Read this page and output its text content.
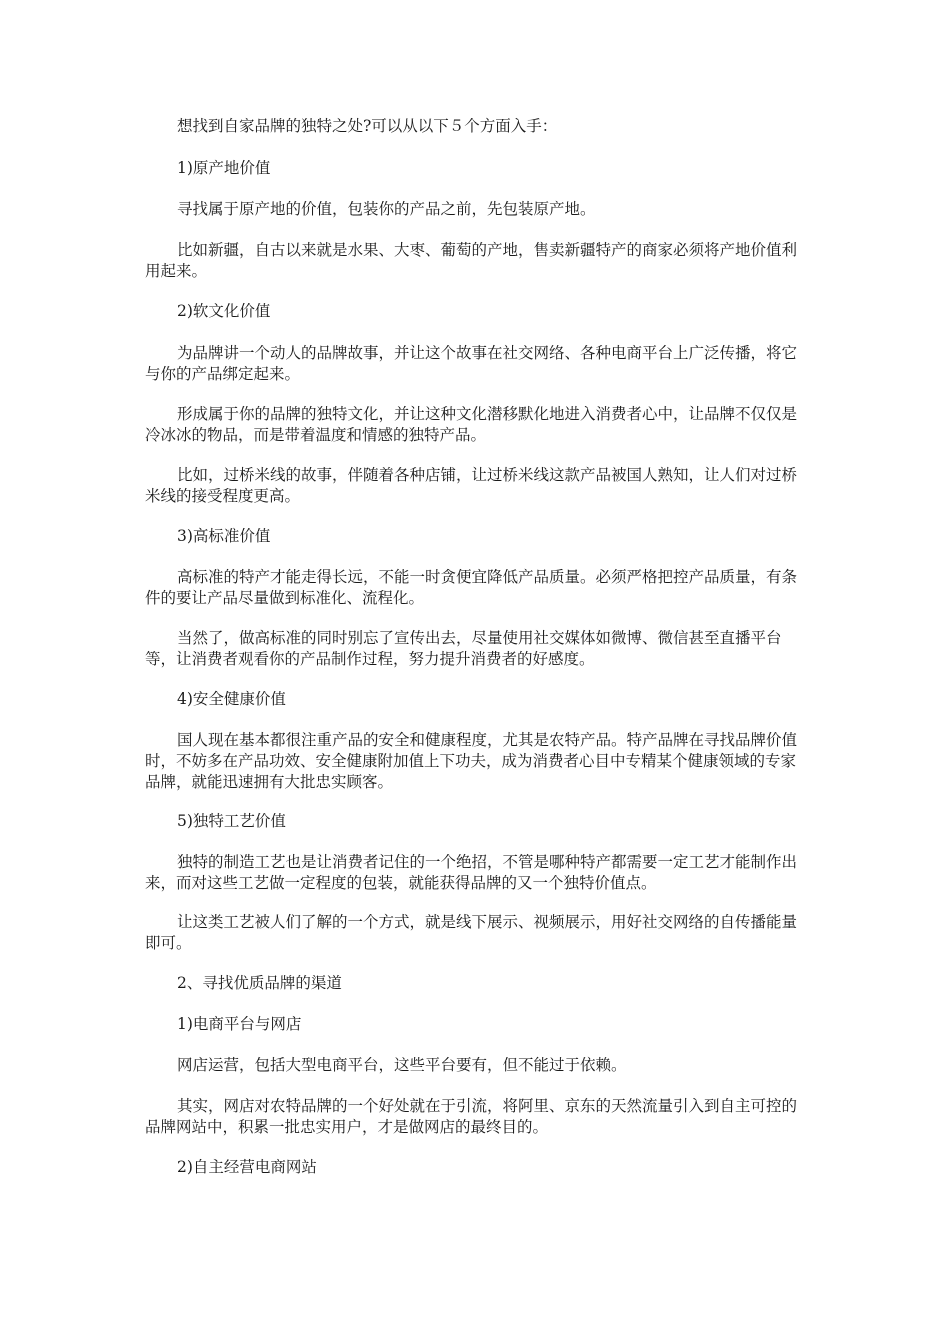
想找到自家品牌的独特之处?可以从以下５个方面入手：

1)原产地价值

寻找属于原产地的价值，包装你的产品之前，先包装原产地。

比如新疆，自古以来就是水果、大枣、葡萄的产地，售卖新疆特产的商家必须将产地价值利用起来。

2)软文化价值

为品牌讲一个动人的品牌故事，并让这个故事在社交网络、各种电商平台上广泛传播，将它与你的产品绑定起来。

形成属于你的品牌的独特文化，并让这种文化潜移默化地进入消费者心中，让品牌不仅仅是冷冰冰的物品，而是带着温度和情感的独特产品。

比如，过桥米线的故事，伴随着各种店铺，让过桥米线这款产品被国人熟知，让人们对过桥米线的接受程度更高。

3)高标准价值

高标准的特产才能走得长远，不能一时贪便宜降低产品质量。必须严格把控产品质量，有条件的要让产品尽量做到标准化、流程化。

当然了，做高标准的同时别忘了宣传出去，尽量使用社交媒体如微博、微信甚至直播平台等，让消费者观看你的产品制作过程，努力提升消费者的好感度。

4)安全健康价值

国人现在基本都很注重产品的安全和健康程度，尤其是农特产品。特产品牌在寻找品牌价值时，不妨多在产品功效、安全健康附加值上下功夫，成为消费者心目中专精某个健康领域的专家品牌，就能迅速拥有大批忠实顾客。

5)独特工艺价值

独特的制造工艺也是让消费者记住的一个绝招，不管是哪种特产都需要一定工艺才能制作出来，而对这些工艺做一定程度的包装，就能获得品牌的又一个独特价值点。

让这类工艺被人们了解的一个方式，就是线下展示、视频展示，用好社交网络的自传播能量即可。

2、寻找优质品牌的渠道

1)电商平台与网店

网店运营，包括大型电商平台，这些平台要有，但不能过于依赖。

其实，网店对农特品牌的一个好处就在于引流，将阿里、京东的天然流量引入到自主可控的品牌网站中，积累一批忠实用户，才是做网店的最终目的。

2)自主经营电商网站
